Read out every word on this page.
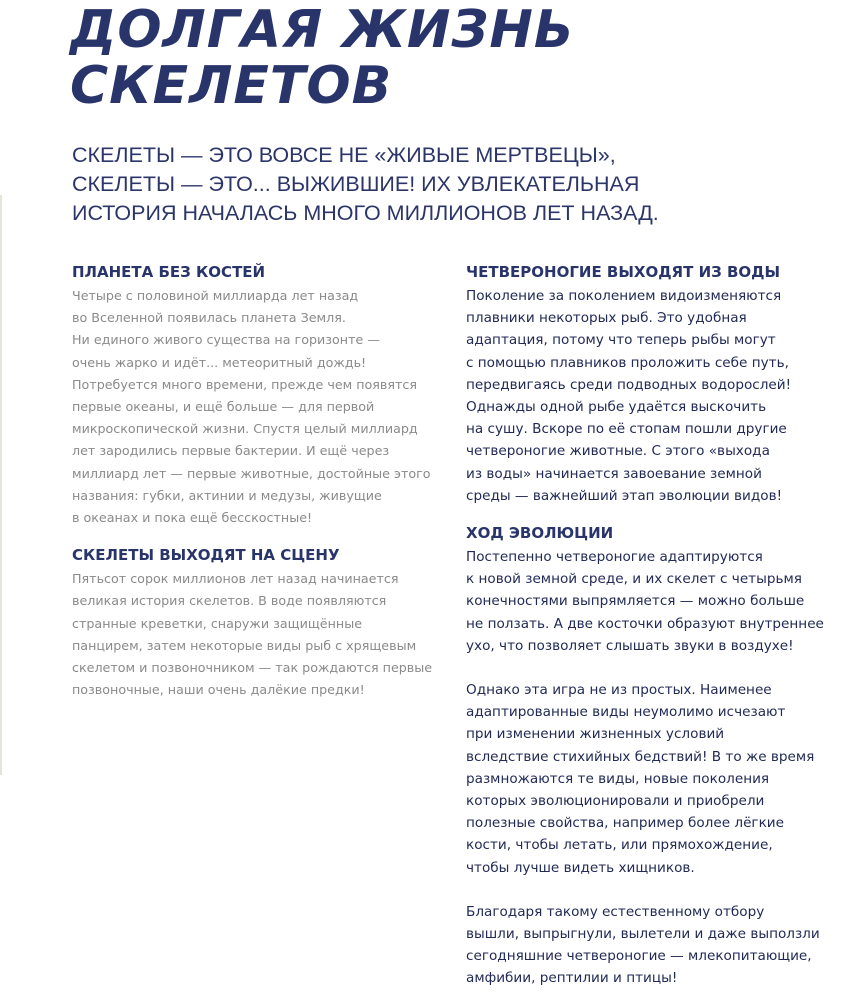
ДОЛГАЯ ЖИЗНЬ
СКЕЛЕТОВ

СКЕЛЕТЫ — ЭТО ВОВСЕ НЕ «ЖИВЫЕ МЕРТВЕЦЫ»,
СКЕЛЕТЫ — ЭТО... ВЫЖИВШИЕ! ИХ УВЛЕКАТЕЛЬНАЯ
ИСТОРИЯ НАЧАЛАСЬ МНОГО МИЛЛИОНОВ ЛЕТ НАЗАД.

ПЛАНЕТА БЕЗ КОСТЕЙ

Четыре с половиной миллиарда лет назад
во Вселенной появилась планета Земля.
Ни единого живого существа на горизонте —
очень жарко и идёт... метеоритный дождь!
Потребуется много времени, прежде чем появятся
первые океаны, и ещё больше — для первой
микроскопической жизни. Спустя целый миллиард
лет зародились первые бактерии. И ещё через
миллиард лет — первые животные, достойные этого
названия: губки, актинии и медузы, живущие
в океанах и пока ещё бесскостные!

СКЕЛЕТЫ ВЫХОДЯТ НА СЦЕНУ

Пятьсот сорок миллионов лет назад начинается
великая история скелетов. В воде появляются
странные креветки, снаружи защищённые
панцирем, затем некоторые виды рыб с хрящевым
скелетом и позвоночником — так рождаются первые
позвоночные, наши очень далёкие предки!

ЧЕТВЕРОНОГИЕ ВЫХОДЯТ ИЗ ВОДЫ

Поколение за поколением видоизменяются
плавники некоторых рыб. Это удобная
адаптация, потому что теперь рыбы могут
с помощью плавников проложить себе путь,
передвигаясь среди подводных водорослей!
Однажды одной рыбе удаётся выскочить
на сушу. Вскоре по её стопам пошли другие
четвероногие животные. С этого «выхода
из воды» начинается завоевание земной
среды — важнейший этап эволюции видов!

ХОД ЭВОЛЮЦИИ

Постепенно четвероногие адаптируются
к новой земной среде, и их скелет с четырьмя
конечностями выпрямляется — можно больше
не ползать. А две косточки образуют внутреннее
ухо, что позволяет слышать звуки в воздухе!

Однако эта игра не из простых. Наименее
адаптированные виды неумолимо исчезают
при изменении жизненных условий
вследствие стихийных бедствий! В то же время
размножаются те виды, новые поколения
которых эволюционировали и приобрели
полезные свойства, например более лёгкие
кости, чтобы летать, или прямохождение,
чтобы лучше видеть хищников.

Благодаря такому естественному отбору
вышли, выпрыгнули, вылетели и даже выползли
сегодняшние четвероногие — млекопитающие,
амфибии, рептилии и птицы!
